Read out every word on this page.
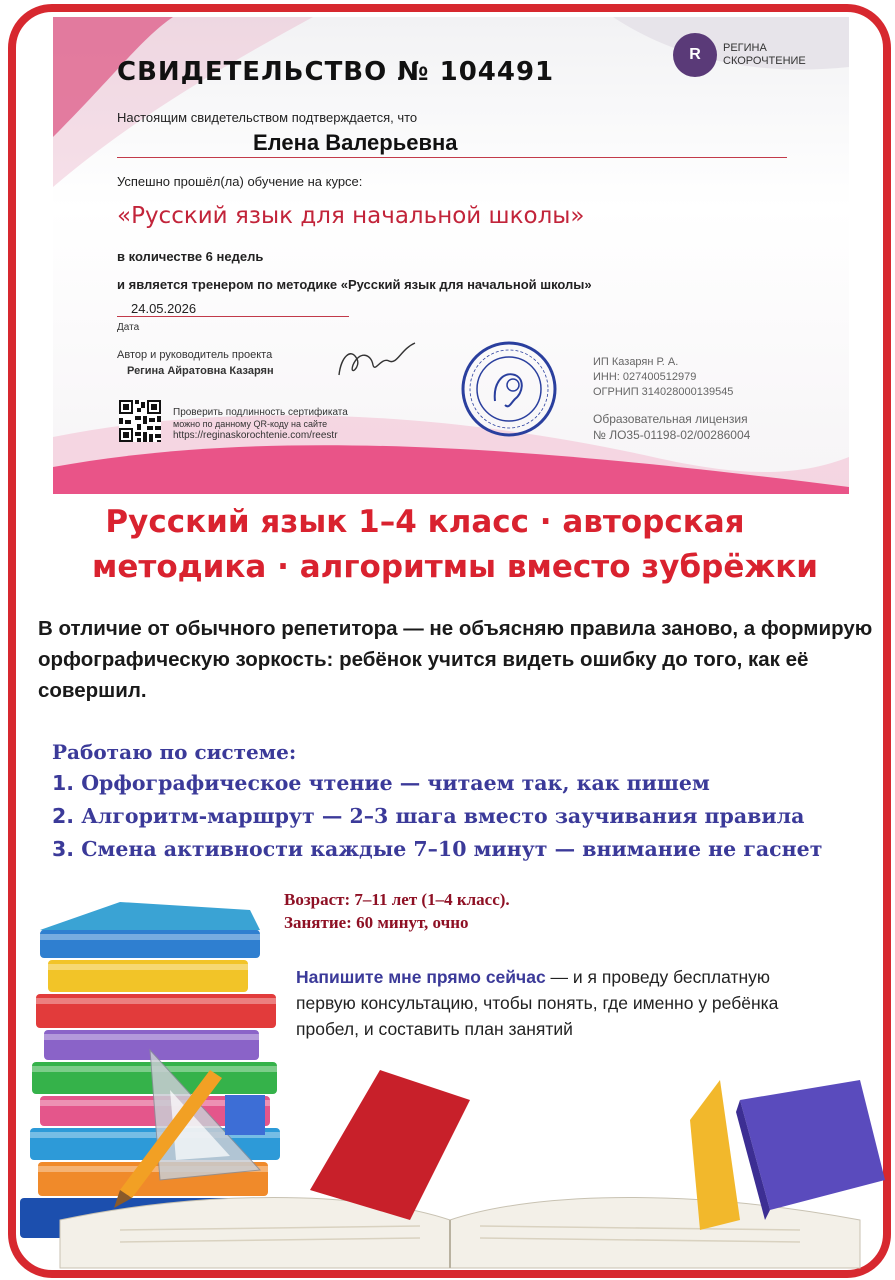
СВИДЕТЕЛЬСТВО № 104491
R	РЕГИНА
СКОРОЧТЕНИЕ
Настоящим свидетельством подтверждается, что
Елена Валерьевна
Успешно прошёл(ла) обучение на курсе:
«Русский язык для начальной школы»
в количестве 6 недель
и является тренером по методике «Русский язык для начальной школы»
24.05.2026
Дата
Автор и руководитель проекта
Регина Айратовна Казарян
ИП Казарян Р. А.
ИНН: 027400512979
ОГРНИП 314028000139545
Образовательная лицензия
№ ЛО35-01198-02/00286004
Проверить подлинность сертификата
можно по данному QR-коду на сайте
https://reginaskorochtenie.com/reestr
Русский язык 1–4 класс · авторская
методика · алгоритмы вместо зубрёжки

В отличие от обычного репетитора — не объясняю правила заново, а формирую орфографическую зоркость: ребёнок учится видеть ошибку до того, как её совершил.

Работаю по системе:
1. Орфографическое чтение — читаем так, как пишем
2. Алгоритм-маршрут — 2–3 шага вместо заучивания правила
3. Смена активности каждые 7–10 минут — внимание не гаснет
Возраст: 7–11 лет (1–4 класс).
Занятие: 60 минут, очно
Напишите мне прямо сейчас — и я проведу бесплатную первую консультацию, чтобы понять, где именно у ребёнка пробел, и составить план занятий
